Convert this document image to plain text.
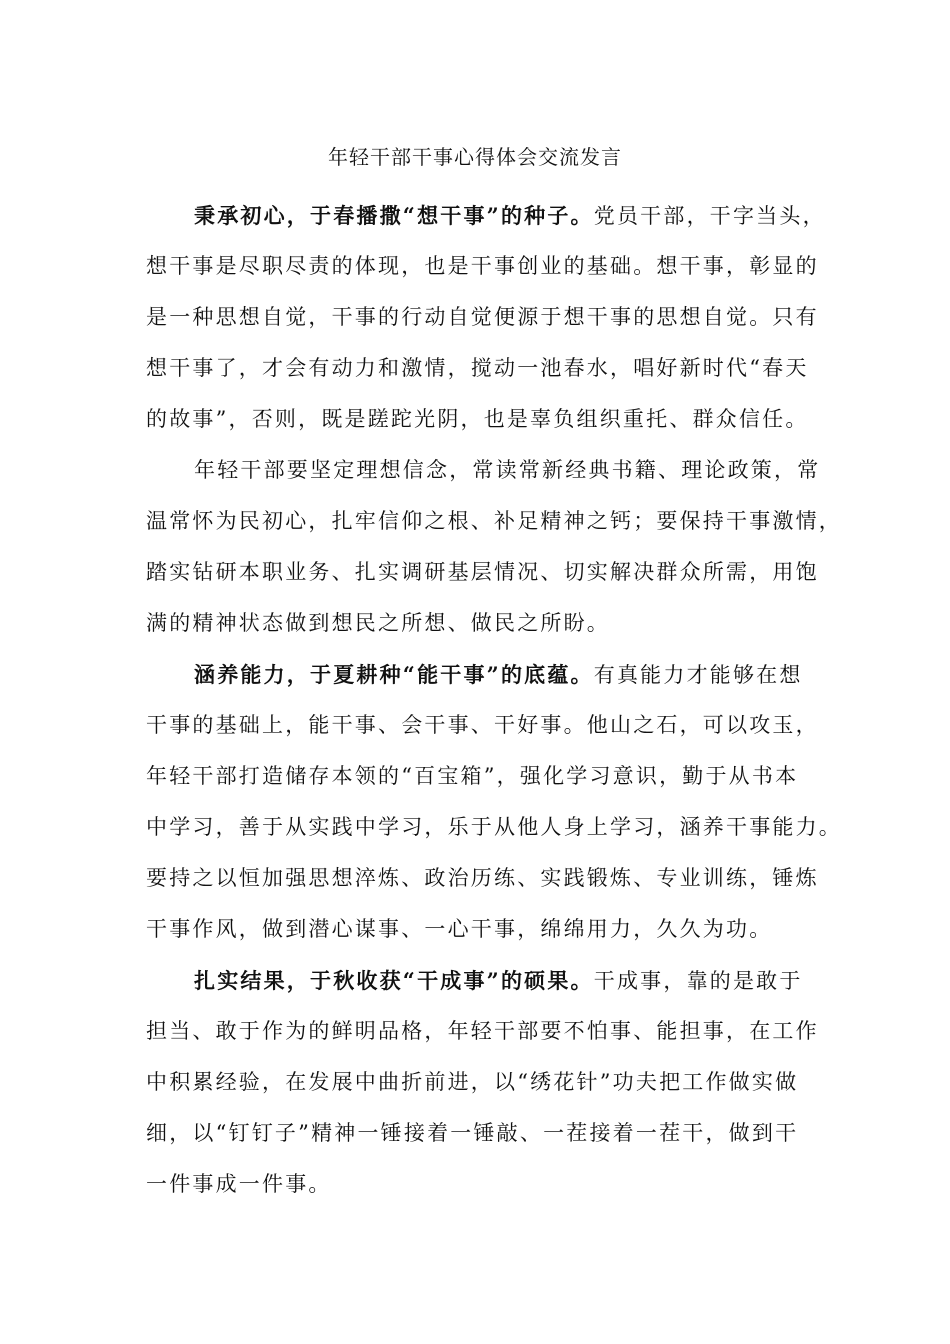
年轻干部干事心得体会交流发言
秉承初心，于春播撒“想干事”的种子。党员干部，干字当头，
想干事是尽职尽责的体现，也是干事创业的基础。想干事，彰显的
是一种思想自觉，干事的行动自觉便源于想干事的思想自觉。只有
想干事了，才会有动力和激情，搅动一池春水，唱好新时代“春天
的故事”，否则，既是蹉跎光阴，也是辜负组织重托、群众信任。
年轻干部要坚定理想信念，常读常新经典书籍、理论政策，常
温常怀为民初心，扎牢信仰之根、补足精神之钙；要保持干事激情，
踏实钻研本职业务、扎实调研基层情况、切实解决群众所需，用饱
满的精神状态做到想民之所想、做民之所盼。
涵养能力，于夏耕种“能干事”的底蕴。有真能力才能够在想
干事的基础上，能干事、会干事、干好事。他山之石，可以攻玉，
年轻干部打造储存本领的“百宝箱”，强化学习意识，勤于从书本
中学习，善于从实践中学习，乐于从他人身上学习，涵养干事能力。
要持之以恒加强思想淬炼、政治历练、实践锻炼、专业训练，锤炼
干事作风，做到潜心谋事、一心干事，绵绵用力，久久为功。
扎实结果，于秋收获“干成事”的硕果。干成事，靠的是敢于
担当、敢于作为的鲜明品格，年轻干部要不怕事、能担事，在工作
中积累经验，在发展中曲折前进，以“绣花针”功夫把工作做实做
细，以“钉钉子”精神一锤接着一锤敲、一茬接着一茬干，做到干
一件事成一件事。
